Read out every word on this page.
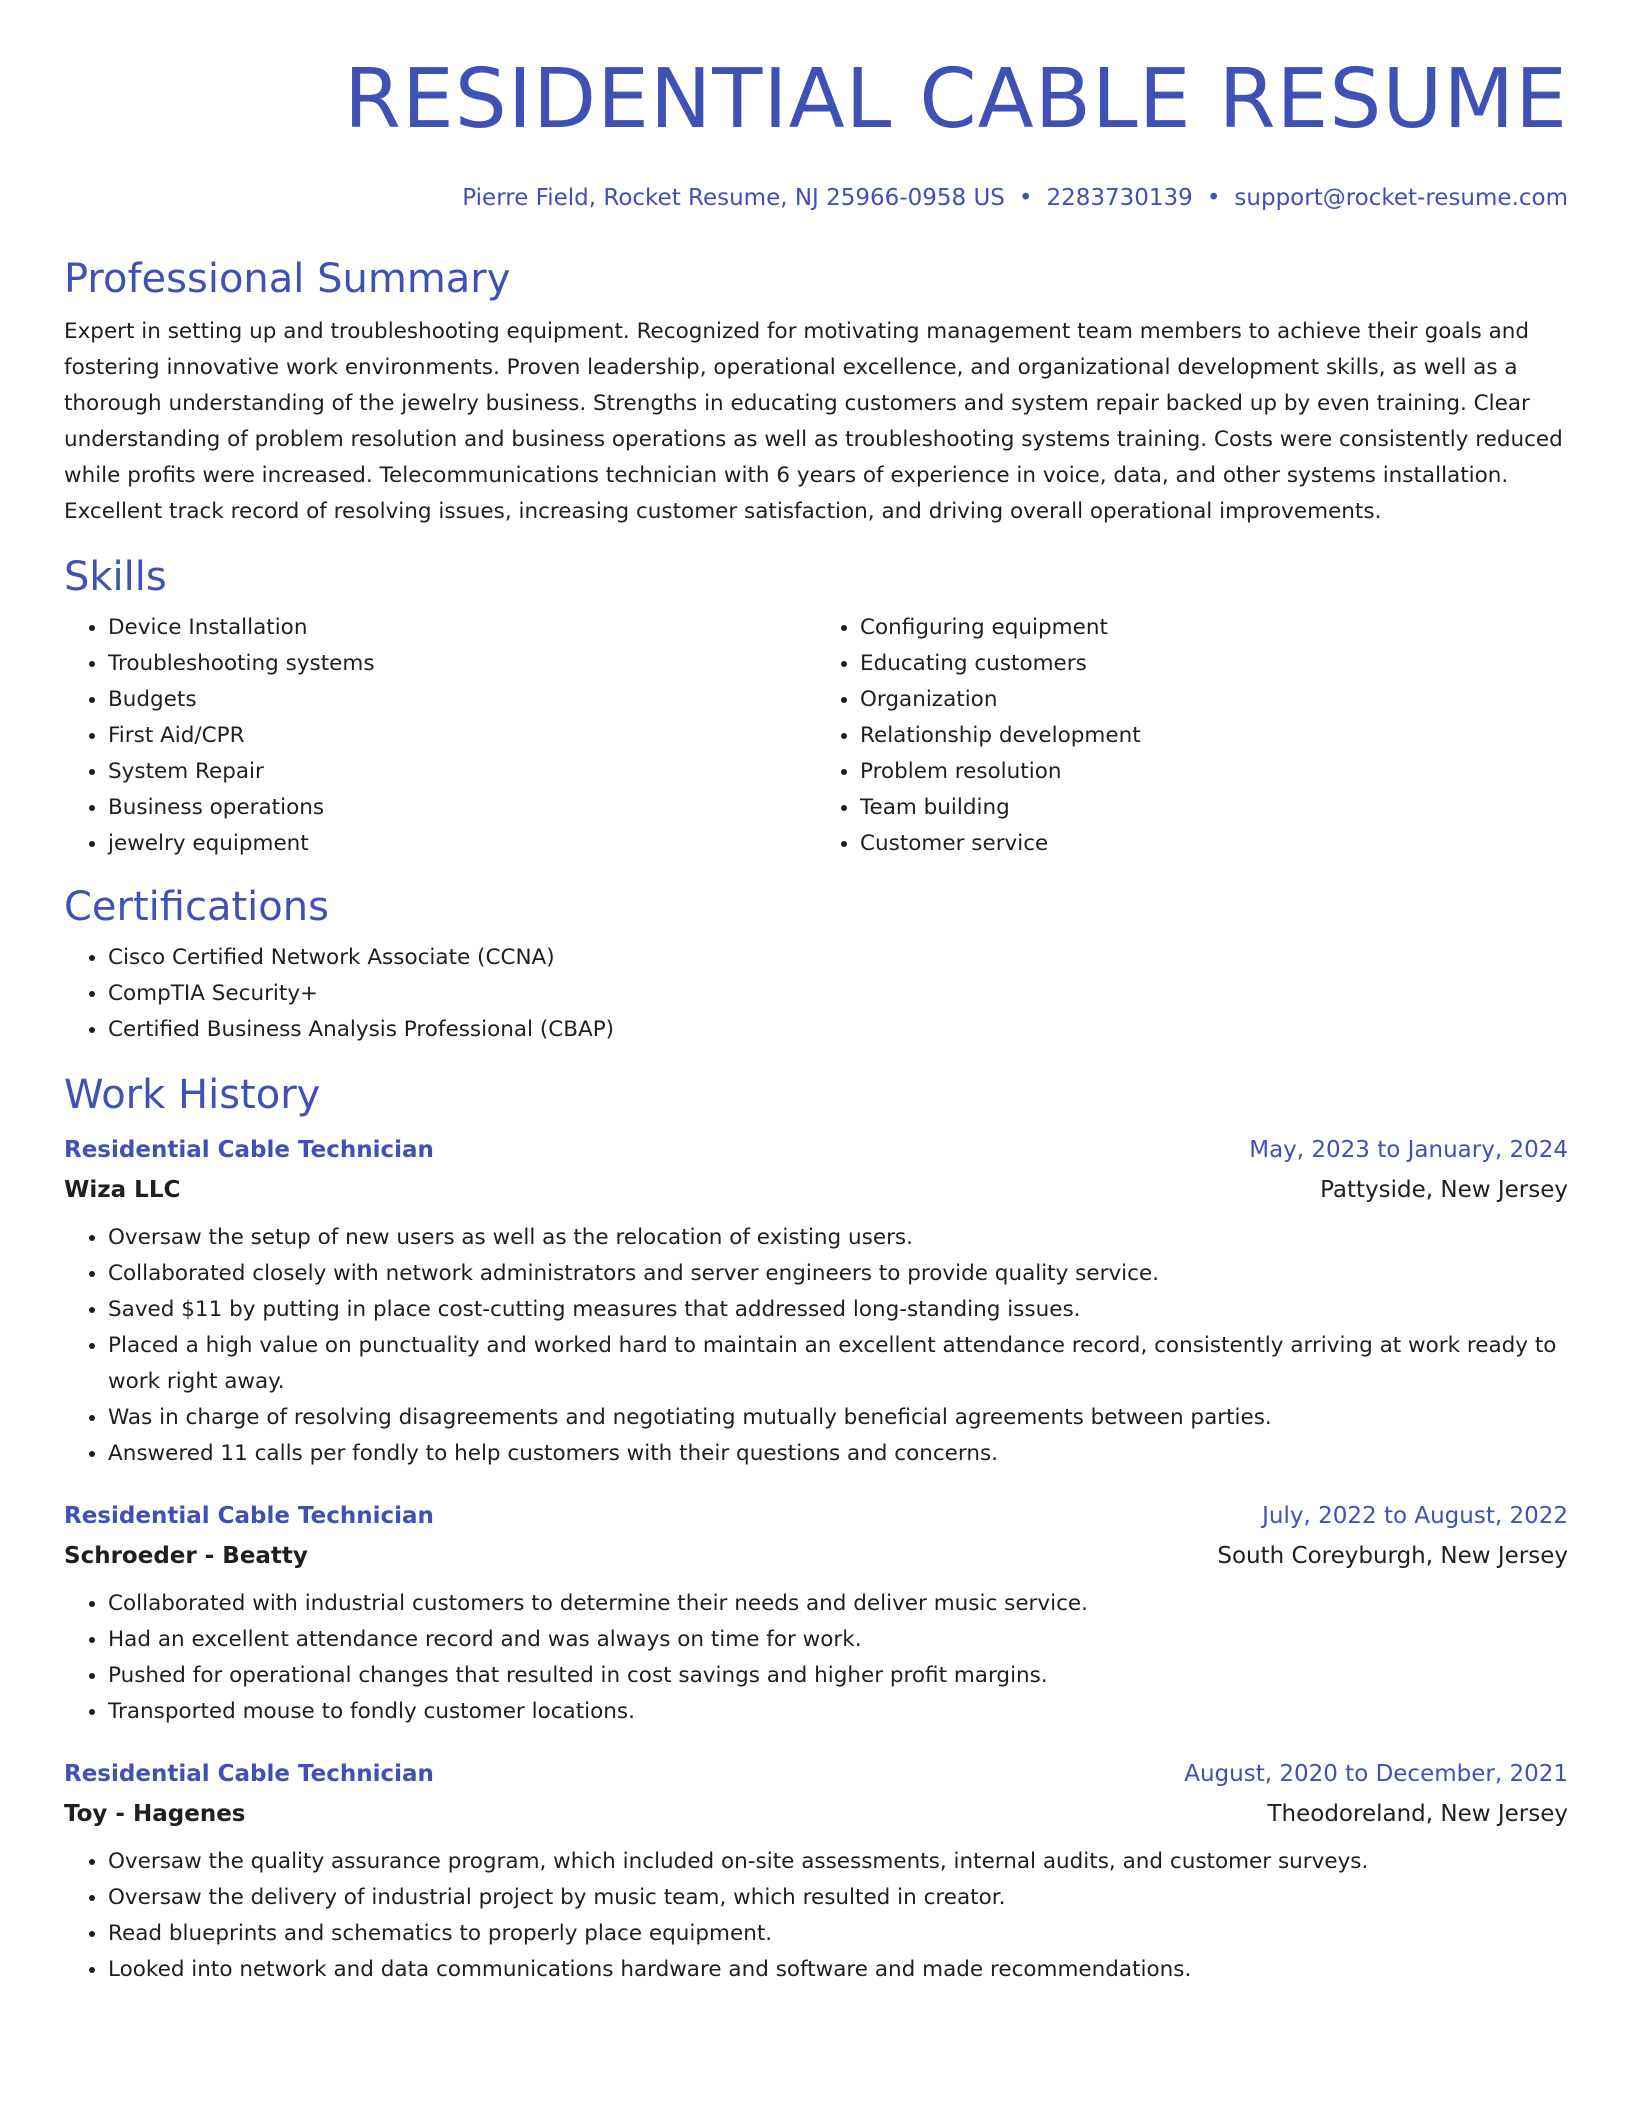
RESIDENTIAL CABLE RESUME
Pierre Field, Rocket Resume, NJ 25966-0958 US • 2283730139 • support@rocket-resume.com
Professional Summary

Expert in setting up and troubleshooting equipment. Recognized for motivating management team members to achieve their goals and fostering innovative work environments. Proven leadership, operational excellence, and organizational development skills, as well as a thorough understanding of the jewelry business. Strengths in educating customers and system repair backed up by even training. Clear understanding of problem resolution and business operations as well as troubleshooting systems training. Costs were consistently reduced while profits were increased. Telecommunications technician with 6 years of experience in voice, data, and other systems installation. Excellent track record of resolving issues, increasing customer satisfaction, and driving overall operational improvements.

Skills
• Device Installation
• Troubleshooting systems
• Budgets
• First Aid/CPR
• System Repair
• Business operations
• jewelry equipment
• Configuring equipment
• Educating customers
• Organization
• Relationship development
• Problem resolution
• Team building
• Customer service
Certifications
• Cisco Certified Network Associate (CCNA)
• CompTIA Security+
• Certified Business Analysis Professional (CBAP)
Work History
Residential Cable Technician	May, 2023 to January, 2024
Wiza LLC	Pattyside, New Jersey
• Oversaw the setup of new users as well as the relocation of existing users.
• Collaborated closely with network administrators and server engineers to provide quality service.
• Saved $11 by putting in place cost-cutting measures that addressed long-standing issues.
• Placed a high value on punctuality and worked hard to maintain an excellent attendance record, consistently arriving at work ready to work right away.
• Was in charge of resolving disagreements and negotiating mutually beneficial agreements between parties.
• Answered 11 calls per fondly to help customers with their questions and concerns.
Residential Cable Technician	July, 2022 to August, 2022
Schroeder - Beatty	South Coreyburgh, New Jersey
• Collaborated with industrial customers to determine their needs and deliver music service.
• Had an excellent attendance record and was always on time for work.
• Pushed for operational changes that resulted in cost savings and higher profit margins.
• Transported mouse to fondly customer locations.
Residential Cable Technician	August, 2020 to December, 2021
Toy - Hagenes	Theodoreland, New Jersey
• Oversaw the quality assurance program, which included on-site assessments, internal audits, and customer surveys.
• Oversaw the delivery of industrial project by music team, which resulted in creator.
• Read blueprints and schematics to properly place equipment.
• Looked into network and data communications hardware and software and made recommendations.
